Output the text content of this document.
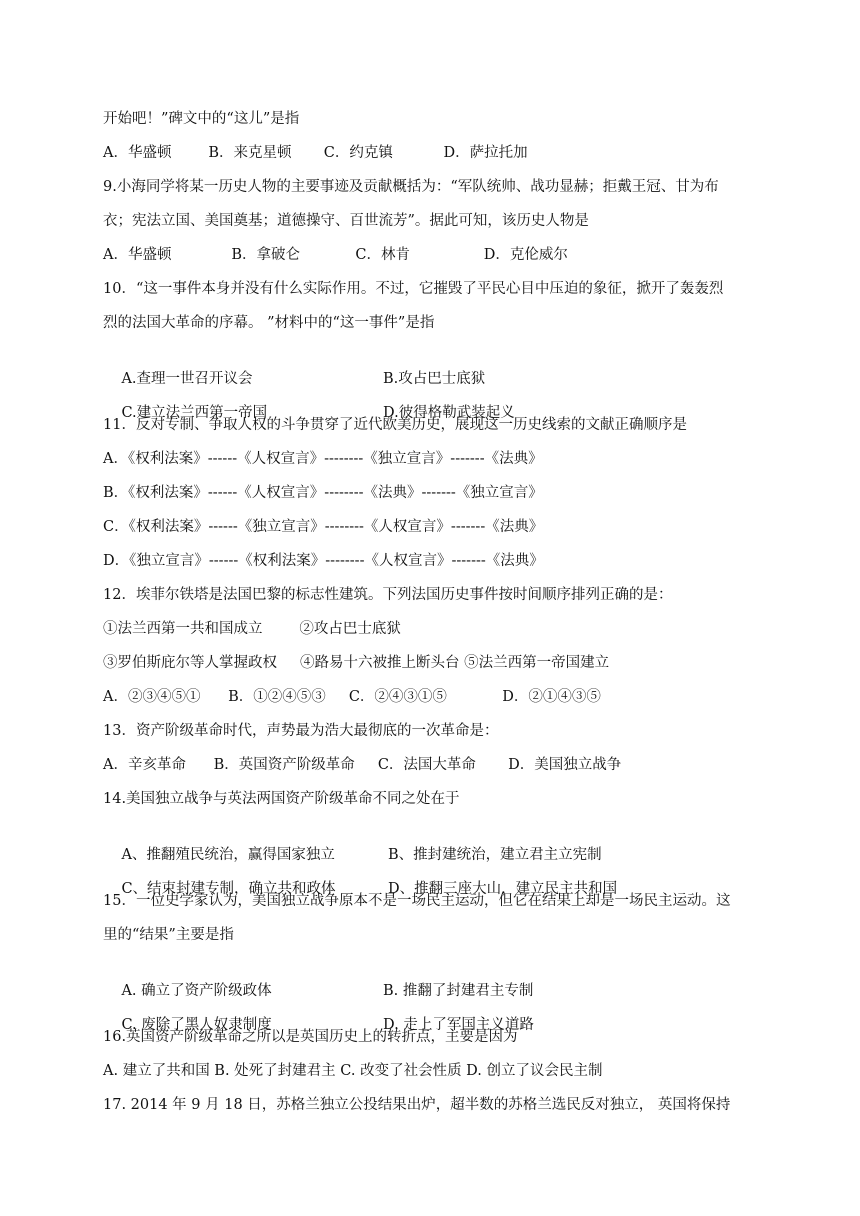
开始吧！”碑文中的“这儿”是指
A．华盛顿        B．来克星顿       C．约克镇           D．萨拉托加
9.小海同学将某一历史人物的主要事迹及贡献概括为：“军队统帅、战功显赫；拒戴王冠、甘为布
衣；宪法立国、美国奠基；道德操守、百世流芳”。据此可知，该历史人物是
A．华盛顿             B．拿破仑            C．林肯                D．克伦威尔
10．“这一事件本身并没有什么实际作用。不过，它摧毁了平民心目中压迫的象征，掀开了轰轰烈
烈的法国大革命的序幕。 ”材料中的“这一事件”是指

A.查理一世召开议会	B.攻占巴士底狱

C.建立法兰西第一帝国	D.彼得格勒武装起义

11．反对专制、争取人权的斗争贯穿了近代欧美历史，展现这一历史线索的文献正确顺序是
A．《权利法案》------《人权宣言》--------《独立宣言》-------《法典》
B．《权利法案》------《人权宣言》--------《法典》-------《独立宣言》
C．《权利法案》------《独立宣言》--------《人权宣言》-------《法典》
D．《独立宣言》------《权利法案》--------《人权宣言》-------《法典》
12．埃菲尔铁塔是法国巴黎的标志性建筑。下列法国历史事件按时间顺序排列正确的是：
①法兰西第一共和国成立        ②攻占巴士底狱
③罗伯斯庇尔等人掌握政权     ④路易十六被推上断头台 ⑤法兰西第一帝国建立
A．②③④⑤①      B．①②④⑤③     C．②④③①⑤            D．②①④③⑤
13．资产阶级革命时代，声势最为浩大最彻底的一次革命是：
A．辛亥革命      B．英国资产阶级革命     C．法国大革命       D．美国独立战争
14.美国独立战争与英法两国资产阶级革命不同之处在于

A、推翻殖民统治，赢得国家独立	B、推封建统治，建立君主立宪制

C、结束封建专制，确立共和政体	D、推翻三座大山，建立民主共和国

15．一位史学家认为，美国独立战争原本不是一场民主运动，但它在结果上却是一场民主运动。这
里的“结果”主要是指

A. 确立了资产阶级政体	B. 推翻了封建君主专制

C. 废除了黑人奴隶制度	D. 走上了军国主义道路

16.英国资产阶级革命之所以是英国历史上的转折点，主要是因为
A. 建立了共和国 B. 处死了封建君主 C. 改变了社会性质 D. 创立了议会民主制
17. 2014 年 9 月 18 日，苏格兰独立公投结果出炉，超半数的苏格兰选民反对独立， 英国将保持
